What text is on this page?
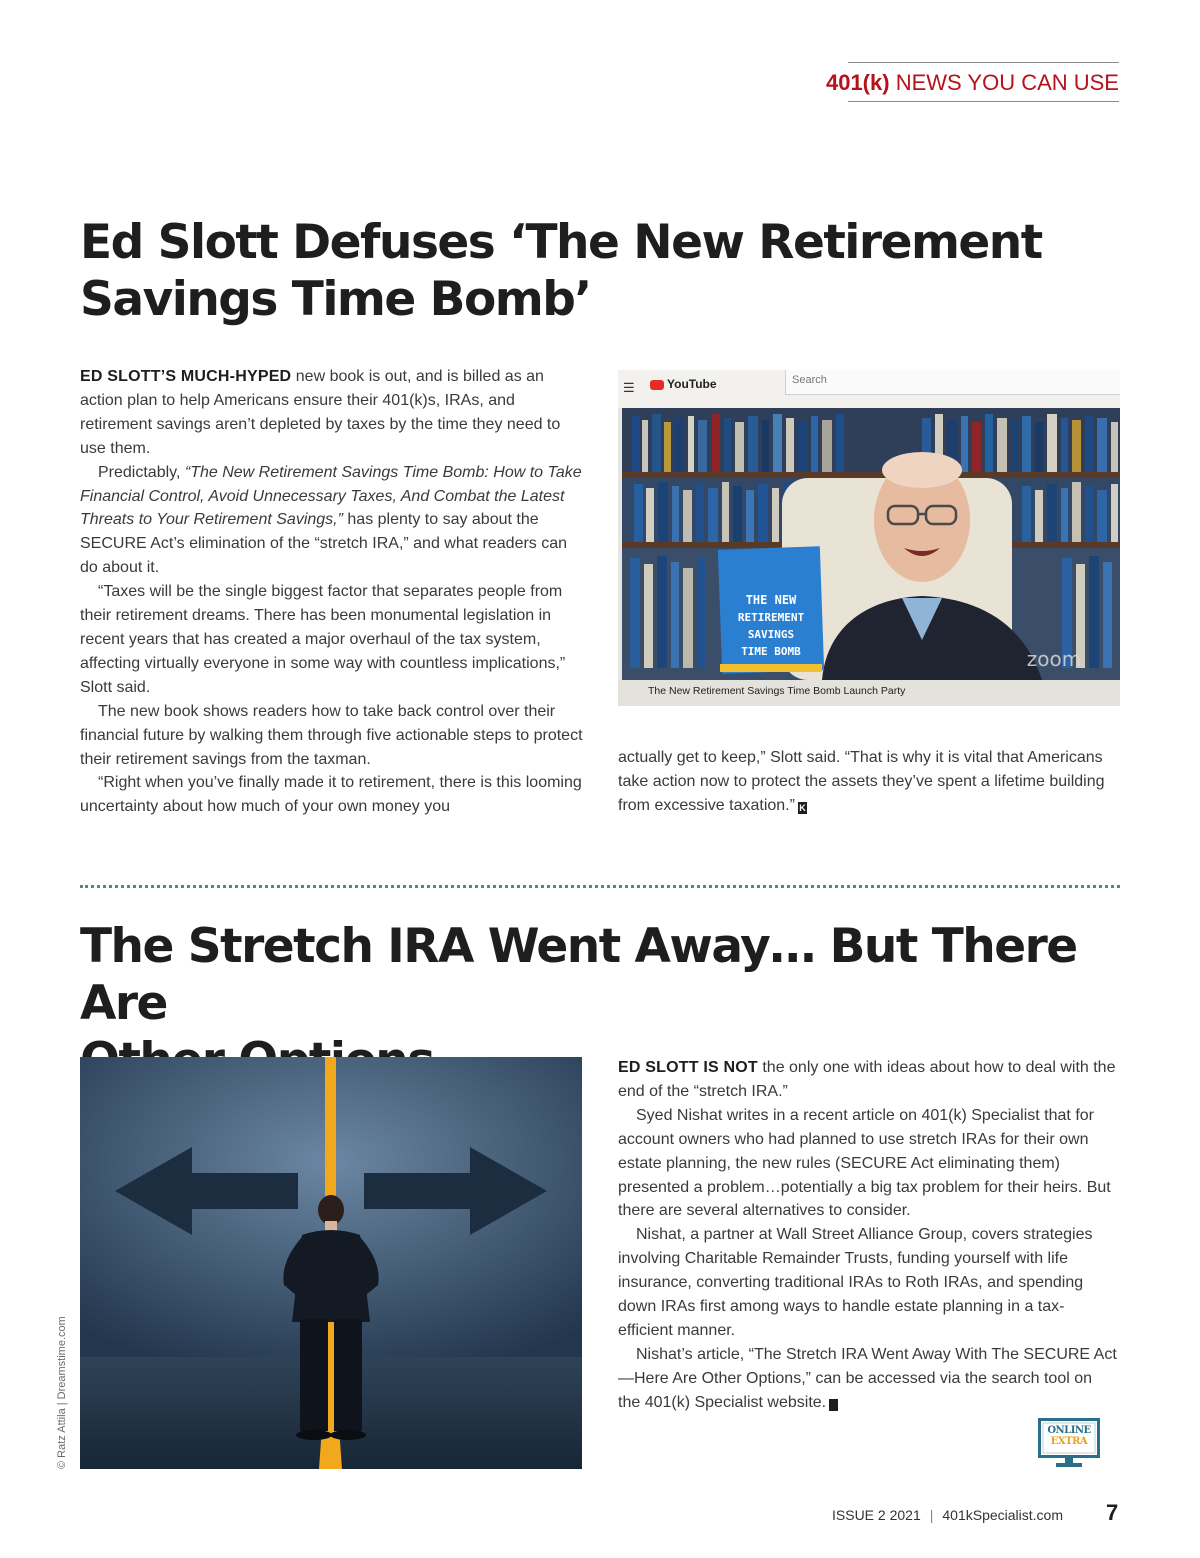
401(k) NEWS YOU CAN USE
Ed Slott Defuses ‘The New Retirement
Savings Time Bomb’

ED SLOTT’S MUCH-HYPED new book is out, and is billed as an action plan to help Americans ensure their 401(k)s, IRAs, and retirement savings aren’t depleted by taxes by the time they need to use them.

Predictably, “The New Retirement Savings Time Bomb: How to Take Financial Control, Avoid Unnecessary Taxes, And Combat the Latest Threats to Your Retirement Savings,” has plenty to say about the SECURE Act’s elimination of the “stretch IRA,” and what readers can do about it.

“Taxes will be the single biggest factor that separates people from their retirement dreams. There has been monumental legislation in recent years that has created a major overhaul of the tax system, affecting virtually everyone in some way with countless implications,” Slott said.

The new book shows readers how to take back control over their financial future by walking them through five actionable steps to protect their retirement savings from the taxman.

“Right when you’ve finally made it to retirement, there is this looming uncertainty about how much of your own money you

☰	YouTube	Search
THE NEW
RETIREMENT
SAVINGS
TIME BOMB	zoom
The New Retirement Savings Time Bomb Launch Party

actually get to keep,” Slott said. “That is why it is vital that Americans take action now to protect the assets they’ve spent a lifetime building from excessive taxation.” K

The Stretch IRA Went Away… But There Are

© Ratz Attila | Dreamstime.com

ED SLOTT IS NOT the only one with ideas about how to deal with the end of the “stretch IRA.”

Syed Nishat writes in a recent article on 401(k) Specialist that for account owners who had planned to use stretch IRAs for their own estate planning, the new rules (SECURE Act eliminating them) presented a problem…potentially a big tax problem for their heirs. But there are several alternatives to consider.

Nishat, a partner at Wall Street Alliance Group, covers strategies involving Charitable Remainder Trusts, funding yourself with life insurance, converting traditional IRAs to Roth IRAs, and spending down IRAs first among ways to handle estate planning in a tax-efficient manner.

Nishat’s article, “The Stretch IRA Went Away With The SECURE Act—Here Are Other Options,” can be accessed via the search tool on the 401(k) Specialist website. K

ONLINE
EXTRA
ISSUE 2 2021 | 401kSpecialist.com 7
